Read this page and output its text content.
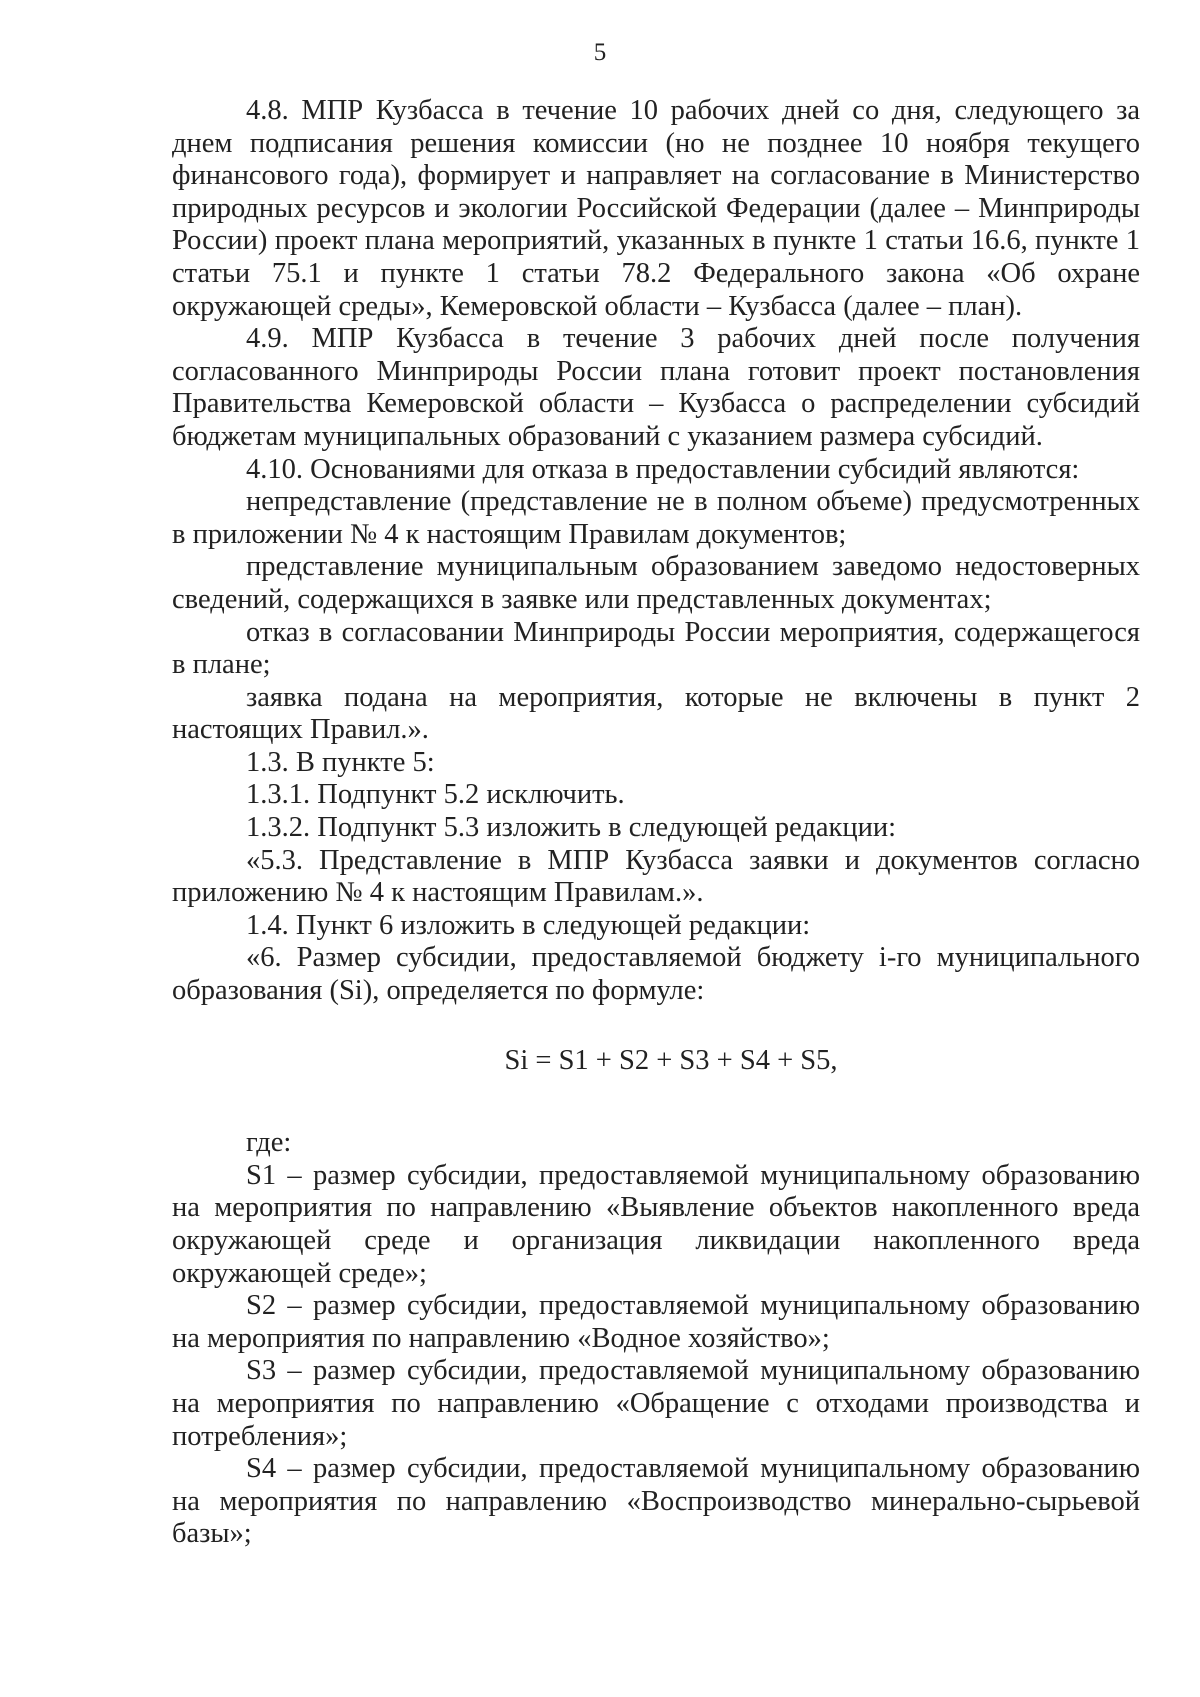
5

4.8. МПР Кузбасса в течение 10 рабочих дней со дня, следующего за днем подписания решения комиссии (но не позднее 10 ноября текущего финансового года), формирует и направляет на согласование в Министерство природных ресурсов и экологии Российской Федерации (далее – Минприроды России) проект плана мероприятий, указанных в пункте 1 статьи 16.6, пункте 1 статьи 75.1 и пункте 1 статьи 78.2 Федерального закона «Об охране окружающей среды», Кемеровской области – Кузбасса (далее – план).

4.9. МПР Кузбасса в течение 3 рабочих дней после получения согласованного Минприроды России плана готовит проект постановления Правительства Кемеровской области – Кузбасса о распределении субсидий бюджетам муниципальных образований с указанием размера субсидий.

4.10. Основаниями для отказа в предоставлении субсидий являются:

непредставление (представление не в полном объеме) предусмотренных в приложении № 4 к настоящим Правилам документов;

представление муниципальным образованием заведомо недостоверных сведений, содержащихся в заявке или представленных документах;

отказ в согласовании Минприроды России мероприятия, содержащегося в плане;

заявка подана на мероприятия, которые не включены в пункт 2 настоящих Правил.».

1.3. В пункте 5:

1.3.1. Подпункт 5.2 исключить.

1.3.2. Подпункт 5.3 изложить в следующей редакции:

«5.3. Представление в МПР Кузбасса заявки и документов согласно приложению № 4 к настоящим Правилам.».

1.4. Пункт 6 изложить в следующей редакции:

«6. Размер субсидии, предоставляемой бюджету i-го муниципального образования (Si), определяется по формуле:

Si = S1 + S2 + S3 + S4 + S5,

где:

S1 – размер субсидии, предоставляемой муниципальному образованию на мероприятия по направлению «Выявление объектов накопленного вреда окружающей среде и организация ликвидации накопленного вреда окружающей среде»;

S2 – размер субсидии, предоставляемой муниципальному образованию на мероприятия по направлению «Водное хозяйство»;

S3 – размер субсидии, предоставляемой муниципальному образованию на мероприятия по направлению «Обращение с отходами производства и потребления»;

S4 – размер субсидии, предоставляемой муниципальному образованию на мероприятия по направлению «Воспроизводство минерально-сырьевой базы»;
